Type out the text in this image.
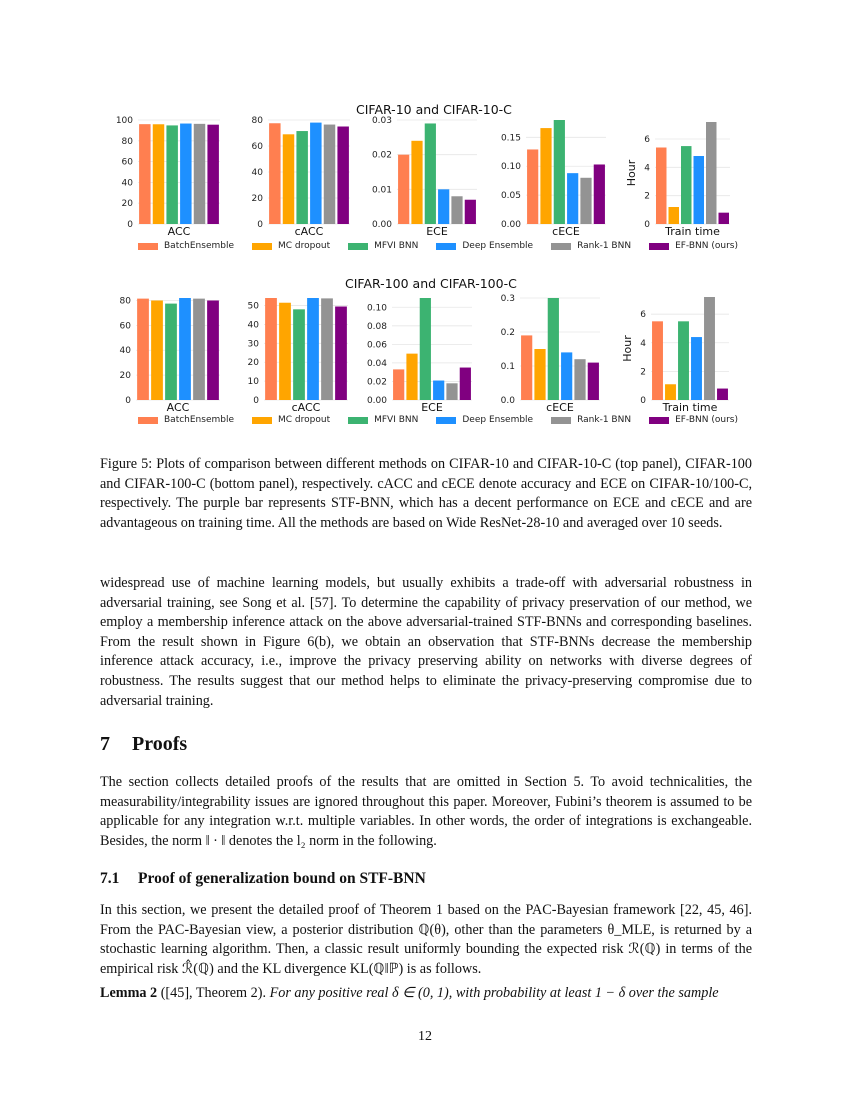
CIFAR-10 and CIFAR-10-C
CIFAR-100 and CIFAR-100-C
0
20
40
60
80
100
ACC	0
20
40
60
80
cACC	0.00
0.01
0.02
0.03
ECE	0.00
0.05
0.10
0.15
cECE	0
2
4
6
Train time
Hour
0
20
40
60
80
ACC	0
10
20
30
40
50
cACC	0.00
0.02
0.04
0.06
0.08
0.10
ECE	0.0
0.1
0.2
0.3
cECE	0
2
4
6
Train time
Hour
BatchEnsemble	MC dropout	MFVI BNN	Deep Ensemble	Rank-1 BNN	EF-BNN (ours)
BatchEnsemble	MC dropout	MFVI BNN	Deep Ensemble	Rank-1 BNN	EF-BNN (ours)
Figure 5: Plots of comparison between different methods on CIFAR-10 and CIFAR-10-C (top panel), CIFAR-100 and CIFAR-100-C (bottom panel), respectively. cACC and cECE denote accuracy and ECE on CIFAR-10/100-C, respectively. The purple bar represents STF-BNN, which has a decent performance on ECE and cECE and are advantageous on training time. All the methods are based on Wide ResNet-28-10 and averaged over 10 seeds.
widespread use of machine learning models, but usually exhibits a trade-off with adversarial robustness in adversarial training, see Song et al. [57]. To determine the capability of privacy preservation of our method, we employ a membership inference attack on the above adversarial-trained STF-BNNs and corresponding baselines. From the result shown in Figure 6(b), we obtain an observation that STF-BNNs decrease the membership inference attack accuracy, i.e., improve the privacy preserving ability on networks with diverse degrees of robustness. The results suggest that our method helps to eliminate the privacy-preserving compromise due to adversarial training.
7 Proofs
The section collects detailed proofs of the results that are omitted in Section 5. To avoid technicalities, the measurability/integrability issues are ignored throughout this paper. Moreover, Fubini’s theorem is assumed to be applicable for any integration w.r.t. multiple variables. In other words, the order of integrations is exchangeable. Besides, the norm ‖ · ‖ denotes the l₂ norm in the following.
7.1 Proof of generalization bound on STF-BNN
In this section, we present the detailed proof of Theorem 1 based on the PAC-Bayesian framework [22, 45, 46]. From the PAC-Bayesian view, a posterior distribution ℚ(θ), other than the parameters θ_MLE, is returned by a stochastic learning algorithm. Then, a classic result uniformly bounding the expected risk ℛ(ℚ) in terms of the empirical risk ℛ̂(ℚ) and the KL divergence KL(ℚ‖ℙ) is as follows.
Lemma 2 ([45], Theorem 2). For any positive real δ ∈ (0, 1), with probability at least 1 − δ over the sample
12
